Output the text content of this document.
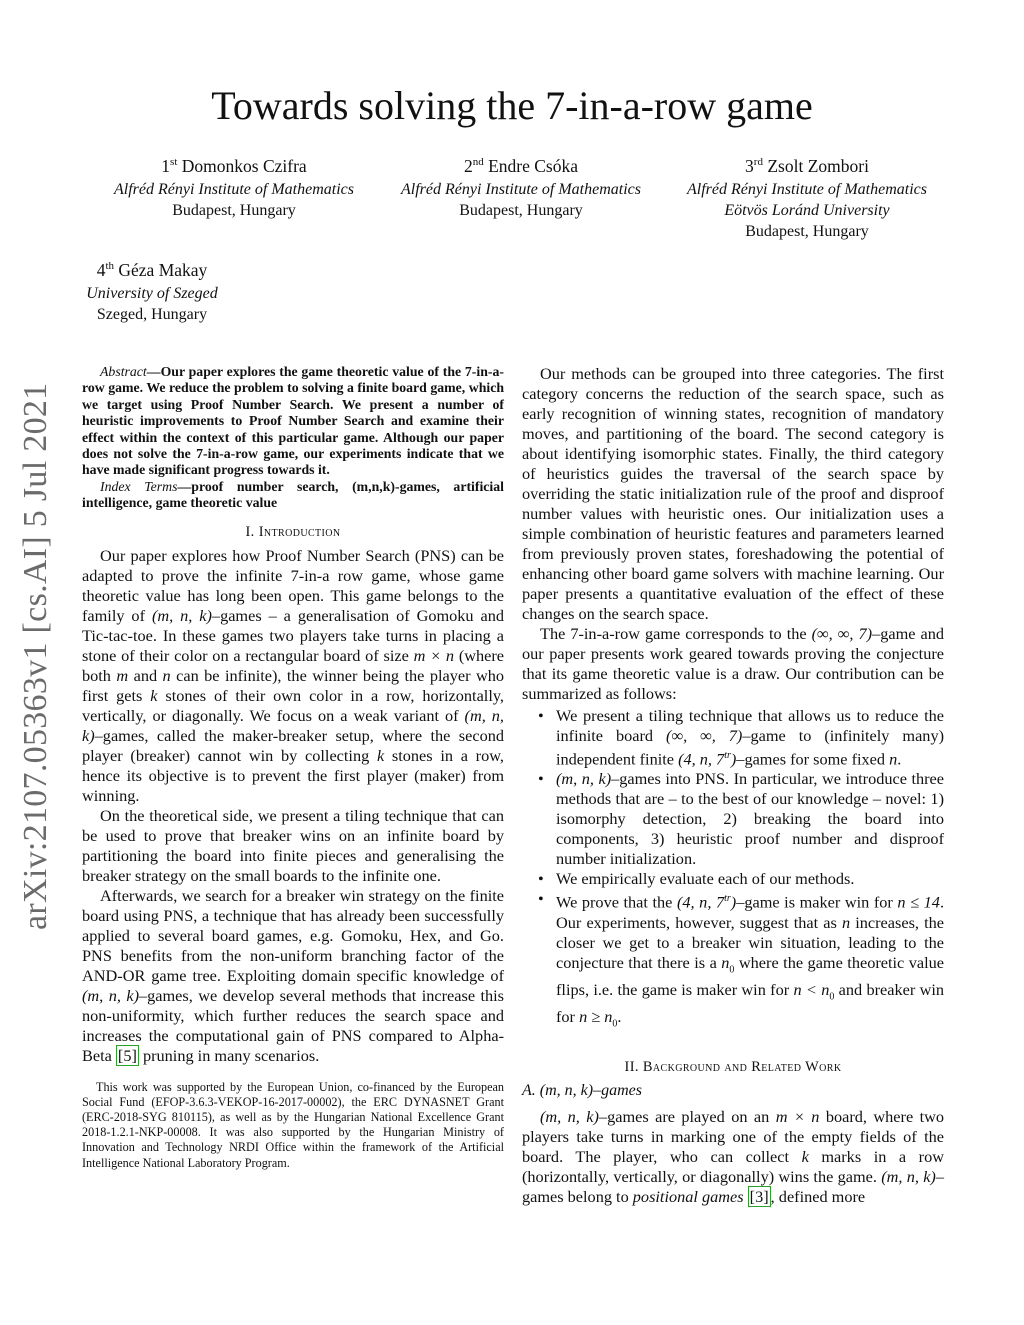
arXiv:2107.05363v1 [cs.AI] 5 Jul 2021
Towards solving the 7-in-a-row game
1st Domonkos Czifra
Alfréd Rényi Institute of Mathematics
Budapest, Hungary
2nd Endre Csóka
Alfréd Rényi Institute of Mathematics
Budapest, Hungary
3rd Zsolt Zombori
Alfréd Rényi Institute of Mathematics
Eötvös Loránd University
Budapest, Hungary
4th Géza Makay
University of Szeged
Szeged, Hungary

Abstract—Our paper explores the game theoretic value of the 7-in-a-row game. We reduce the problem to solving a finite board game, which we target using Proof Number Search. We present a number of heuristic improvements to Proof Number Search and examine their effect within the context of this particular game. Although our paper does not solve the 7-in-a-row game, our experiments indicate that we have made significant progress towards it.

Index Terms—proof number search, (m,n,k)-games, artificial intelligence, game theoretic value

I. Introduction

Our paper explores how Proof Number Search (PNS) can be adapted to prove the infinite 7-in-a row game, whose game theoretic value has long been open. This game belongs to the family of (m, n, k)–games – a generalisation of Gomoku and Tic-tac-toe. In these games two players take turns in placing a stone of their color on a rectangular board of size m × n (where both m and n can be infinite), the winner being the player who first gets k stones of their own color in a row, horizontally, vertically, or diagonally. We focus on a weak variant of (m, n, k)–games, called the maker-breaker setup, where the second player (breaker) cannot win by collecting k stones in a row, hence its objective is to prevent the first player (maker) from winning.

On the theoretical side, we present a tiling technique that can be used to prove that breaker wins on an infinite board by partitioning the board into finite pieces and generalising the breaker strategy on the small boards to the infinite one.

Afterwards, we search for a breaker win strategy on the finite board using PNS, a technique that has already been successfully applied to several board games, e.g. Gomoku, Hex, and Go. PNS benefits from the non-uniform branching factor of the AND-OR game tree. Exploiting domain specific knowledge of (m, n, k)–games, we develop several methods that increase this non-uniformity, which further reduces the search space and increases the computational gain of PNS compared to Alpha-Beta [5] pruning in many scenarios.

This work was supported by the European Union, co-financed by the European Social Fund (EFOP-3.6.3-VEKOP-16-2017-00002), the ERC DYNASNET Grant (ERC-2018-SYG 810115), as well as by the Hungarian National Excellence Grant 2018-1.2.1-NKP-00008. It was also supported by the Hungarian Ministry of Innovation and Technology NRDI Office within the framework of the Artificial Intelligence National Laboratory Program.

Our methods can be grouped into three categories. The first category concerns the reduction of the search space, such as early recognition of winning states, recognition of mandatory moves, and partitioning of the board. The second category is about identifying isomorphic states. Finally, the third category of heuristics guides the traversal of the search space by overriding the static initialization rule of the proof and disproof number values with heuristic ones. Our initialization uses a simple combination of heuristic features and parameters learned from previously proven states, foreshadowing the potential of enhancing other board game solvers with machine learning. Our paper presents a quantitative evaluation of the effect of these changes on the search space.

The 7-in-a-row game corresponds to the (∞, ∞, 7)–game and our paper presents work geared towards proving the conjecture that its game theoretic value is a draw. Our contribution can be summarized as follows:

• We present a tiling technique that allows us to reduce the infinite board (∞, ∞, 7)–game to (infinitely many) independent finite (4, n, $7^{tr}$)–games for some fixed n.
• (m, n, k)–games into PNS. In particular, we introduce three methods that are – to the best of our knowledge – novel: 1) isomorphy detection, 2) breaking the board into components, 3) heuristic proof number and disproof number initialization.
• We empirically evaluate each of our methods.
• We prove that the (4, n, $7^{tr}$)–game is maker win for n ≤ 14. Our experiments, however, suggest that as n increases, the closer we get to a breaker win situation, leading to the conjecture that there is a $n_0$ where the game theoretic value flips, i.e. the game is maker win for $n < n_0$ and breaker win for $n \ge n_0$.
II. Background and Related Work
A. (m, n, k)–games

(m, n, k)–games are played on an m × n board, where two players take turns in marking one of the empty fields of the board. The player, who can collect k marks in a row (horizontally, vertically, or diagonally) wins the game. (m, n, k)–games belong to positional games [3] , defined more
